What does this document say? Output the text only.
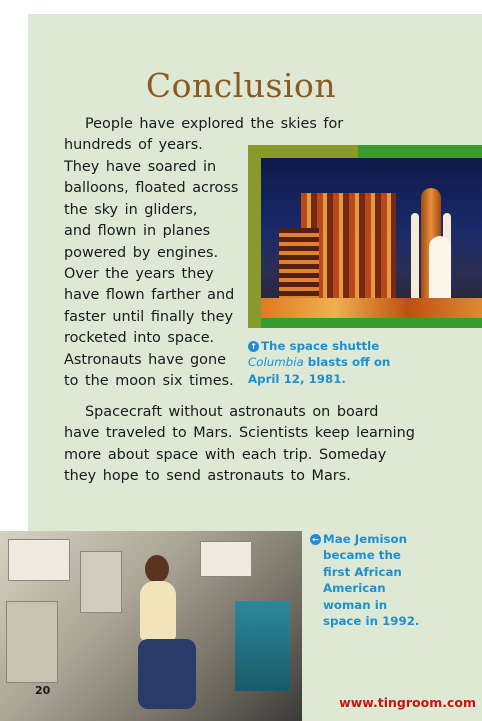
Conclusion
People have explored the skies for
hundreds of years.
They have soared in
balloons, floated across
the sky in gliders,
and flown in planes
powered by engines.
Over the years they
have flown farther and
faster until finally they
rocketed into space.
Astronauts have gone
to the moon six times.
↑ The space shuttle
Columbia blasts off on
April 12, 1981.
Spacecraft without astronauts on board
have traveled to Mars. Scientists keep learning
more about space with each trip. Someday
they hope to send astronauts to Mars.
20
← Mae Jemison
became the
first African
American
woman in
space in 1992.
www.tingroom.com
